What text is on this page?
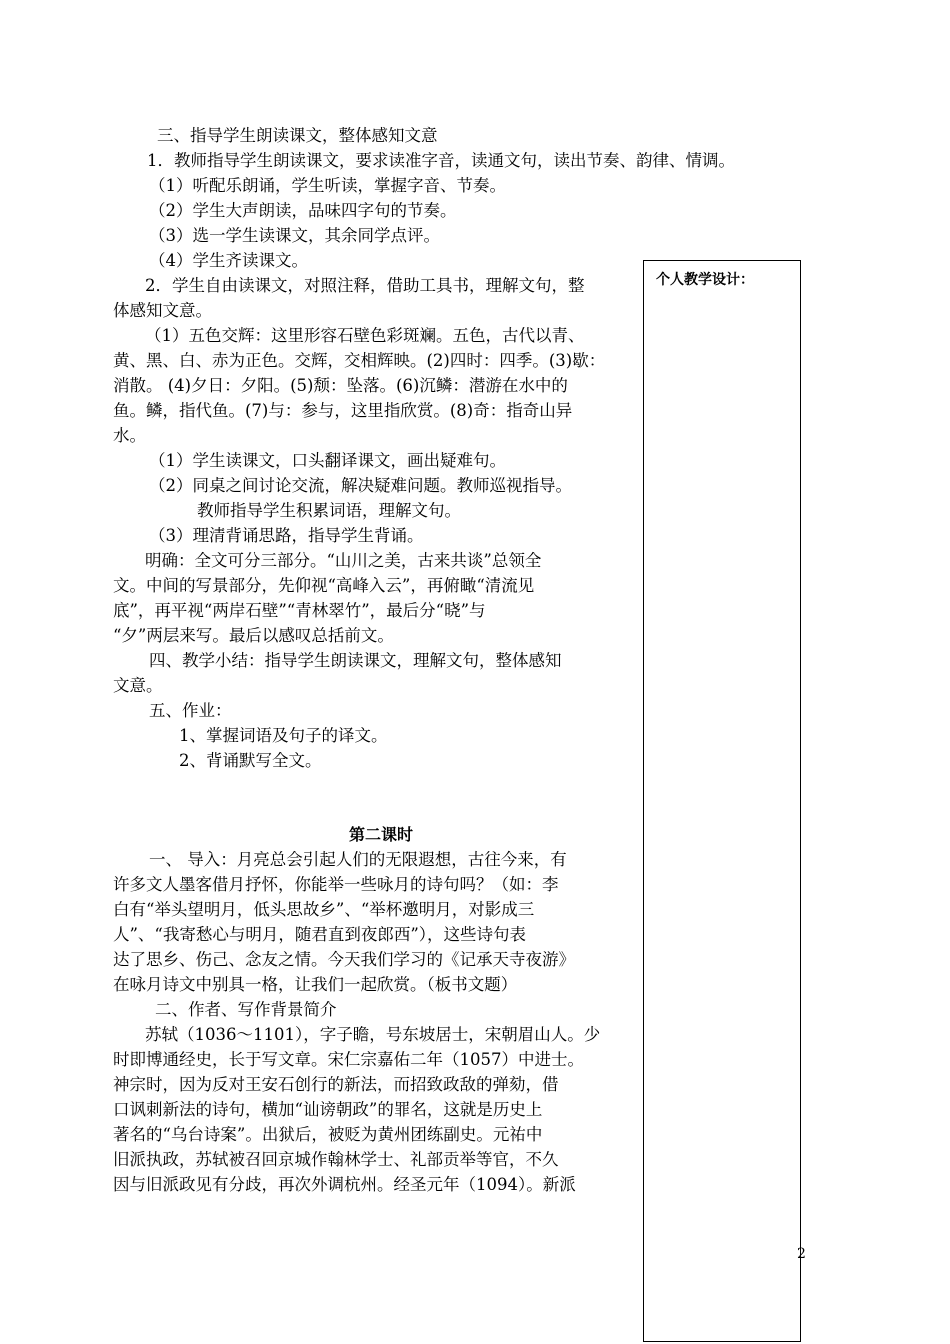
三、指导学生朗读课文，整体感知文意
1．教师指导学生朗读课文，要求读准字音，读通文句，读出节奏、韵律、情调。
（1）听配乐朗诵，学生听读，掌握字音、节奏。
（2）学生大声朗读，品味四字句的节奏。
（3）选一学生读课文，其余同学点评。
（4）学生齐读课文。
2．学生自由读课文，对照注释，借助工具书，理解文句，整
体感知文意。
（1）五色交辉：这里形容石壁色彩斑斓。五色，古代以青、
黄、黑、白、赤为正色。交辉，交相辉映。(2)四时：四季。(3)歇：
消散。 (4)夕日：夕阳。(5)颓：坠落。(6)沉鳞：潜游在水中的
鱼。鳞，指代鱼。(7)与：参与，这里指欣赏。(8)奇：指奇山异
水。
（1）学生读课文，口头翻译课文，画出疑难句。
（2）同桌之间讨论交流，解决疑难问题。教师巡视指导。
教师指导学生积累词语，理解文句。
（3）理清背诵思路，指导学生背诵。
明确：全文可分三部分。“山川之美，古来共谈”总领全
文。中间的写景部分，先仰视“高峰入云”，再俯瞰“清流见
底”，再平视“两岸石壁”“青林翠竹”，最后分“晓”与
“夕”两层来写。最后以感叹总括前文。
四、教学小结：指导学生朗读课文，理解文句，整体感知
文意。
五、作业：
1、掌握词语及句子的译文。
2、背诵默写全文。
第二课时
一、 导入：月亮总会引起人们的无限遐想，古往今来，有
许多文人墨客借月抒怀，你能举一些咏月的诗句吗？（如：李
白有“举头望明月，低头思故乡”、“举杯邀明月，对影成三
人”、“我寄愁心与明月，随君直到夜郎西”），这些诗句表
达了思乡、伤己、念友之情。今天我们学习的《记承天寺夜游》
在咏月诗文中别具一格，让我们一起欣赏。（板书文题）
二、作者、写作背景简介
苏轼（1036～1101），字子瞻，号东坡居士，宋朝眉山人。少
时即博通经史，长于写文章。宋仁宗嘉佑二年（1057）中进士。
神宗时，因为反对王安石创行的新法，而招致政敌的弹劾，借
口讽刺新法的诗句，横加“讪谤朝政”的罪名，这就是历史上
著名的“乌台诗案”。出狱后，被贬为黄州团练副史。元祐中
旧派执政，苏轼被召回京城作翰林学士、礼部贡举等官，不久
因与旧派政见有分歧，再次外调杭州。经圣元年（1094）。新派
个人教学设计：
2
